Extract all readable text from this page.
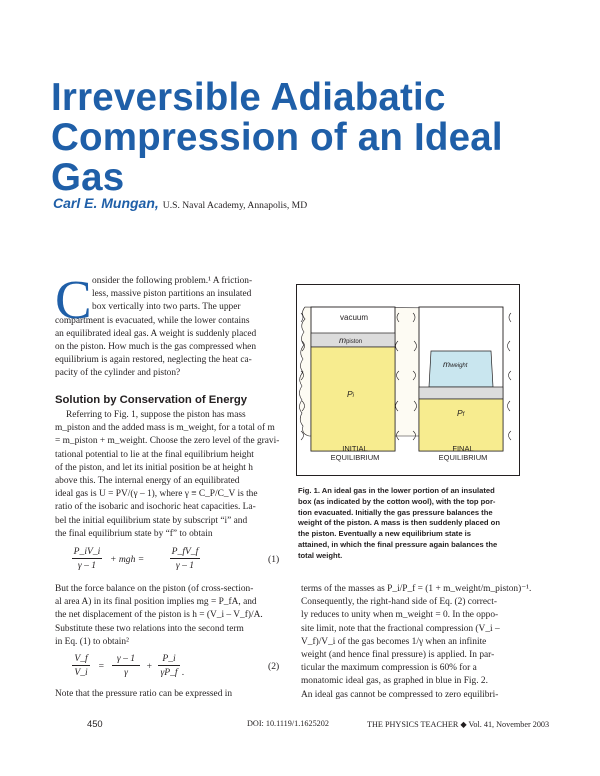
Irreversible Adiabatic
Compression of an Ideal
Gas
Carl E. Mungan, U.S. Naval Academy, Annapolis, MD
C onsider the following problem.¹ A friction-
less, massive piston partitions an insulated
box vertically into two parts. The upper
compartment is evacuated, while the lower contains
an equilibrated ideal gas. A weight is suddenly placed
on the piston. How much is the gas compressed when
equilibrium is again restored, neglecting the heat ca-
pacity of the cylinder and piston?
Solution by Conservation of Energy
Referring to Fig. 1, suppose the piston has mass
m_piston and the added mass is m_weight, for a total of m
= m_piston + m_weight. Choose the zero level of the gravi-
tational potential to lie at the final equilibrium height
of the piston, and let its initial position be at height h
above this. The internal energy of an equilibrated
ideal gas is U = PV/(γ – 1), where γ ≡ C_P/C_V is the
ratio of the isobaric and isochoric heat capacities. La-
bel the initial equilibrium state by subscript “i” and
the final equilibrium state by “f” to obtain
$\frac{P\_iV\_i}{\gamma - 1}$ + mgh =	$\frac{P\_fV\_f}{\gamma - 1}$	(1)
But the force balance on the piston (of cross-section-
al area A) in its final position implies mg = P_fA, and
the net displacement of the piston is h = (V_i – V_f)/A.
Substitute these two relations into the second term
in Eq. (1) to obtain²
$\frac{V\_f}{V\_i} = \frac{\gamma - 1}{\gamma} + \frac{P\_i}{\gamma P\_f}$ .
(2)
Note that the pressure ratio can be expressed in
vacuum
mpiston
Pi
mweight
Pf
INITIAL
EQUILIBRIUM
FINAL
EQUILIBRIUM
Fig. 1. An ideal gas in the lower portion of an insulated
box (as indicated by the cotton wool), with the top por-
tion evacuated. Initially the gas pressure balances the
weight of the piston. A mass is then suddenly placed on
the piston. Eventually a new equilibrium state is
attained, in which the final pressure again balances the
total weight.
terms of the masses as P_i/P_f = (1 + m_weight/m_piston)⁻¹.
Consequently, the right-hand side of Eq. (2) correct-
ly reduces to unity when m_weight = 0. In the oppo-
site limit, note that the fractional compression (V_i –
V_f)/V_i of the gas becomes 1/γ when an infinite
weight (and hence final pressure) is applied. In par-
ticular the maximum compression is 60% for a
monatomic ideal gas, as graphed in blue in Fig. 2.
An ideal gas cannot be compressed to zero equilibri-
450	DOI: 10.1119/1.1625202	THE PHYSICS TEACHER ◆ Vol. 41, November 2003
